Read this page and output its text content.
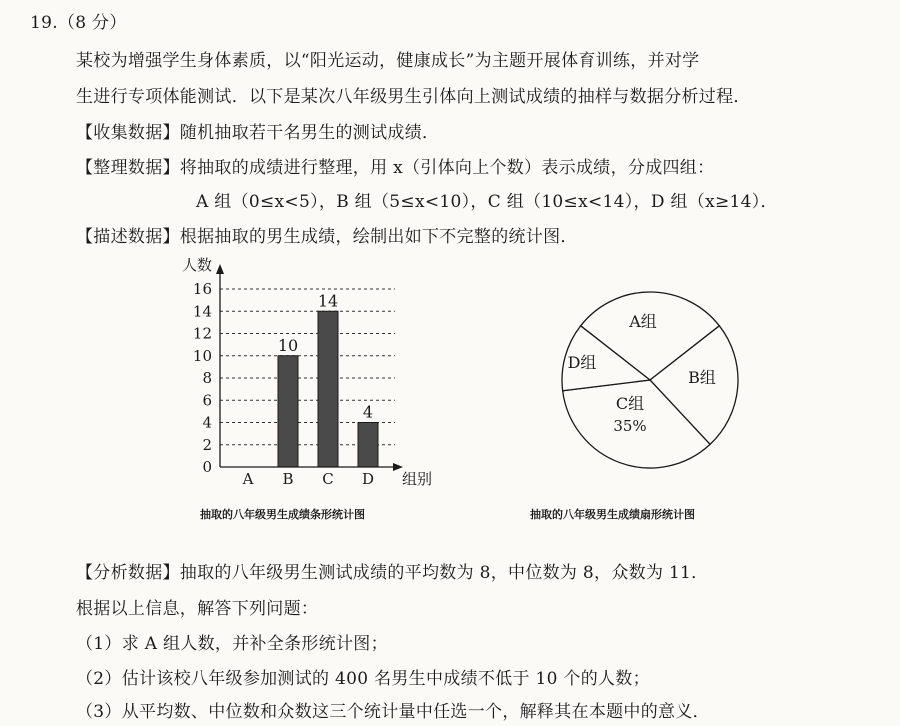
19.（8 分）
某校为增强学生身体素质，以“阳光运动，健康成长”为主题开展体育训练，并对学
生进行专项体能测试．以下是某次八年级男生引体向上测试成绩的抽样与数据分析过程．
【收集数据】随机抽取若干名男生的测试成绩．
【整理数据】将抽取的成绩进行整理，用 x（引体向上个数）表示成绩，分成四组：
A 组（0≤x<5），B 组（5≤x<10），C 组（10≤x<14），D 组（x≥14）．
【描述数据】根据抽取的男生成绩，绘制出如下不完整的统计图．
10
14
4
0
2
4
6
8
10
12
14
16
A B C D
人数
组别
抽取的八年级男生成绩条形统计图
A组
B组
C组
35%
D组
抽取的八年级男生成绩扇形统计图
【分析数据】抽取的八年级男生测试成绩的平均数为 8，中位数为 8，众数为 11．
根据以上信息，解答下列问题：
（1）求 A 组人数，并补全条形统计图；
（2）估计该校八年级参加测试的 400 名男生中成绩不低于 10 个的人数；
（3）从平均数、中位数和众数这三个统计量中任选一个，解释其在本题中的意义．
